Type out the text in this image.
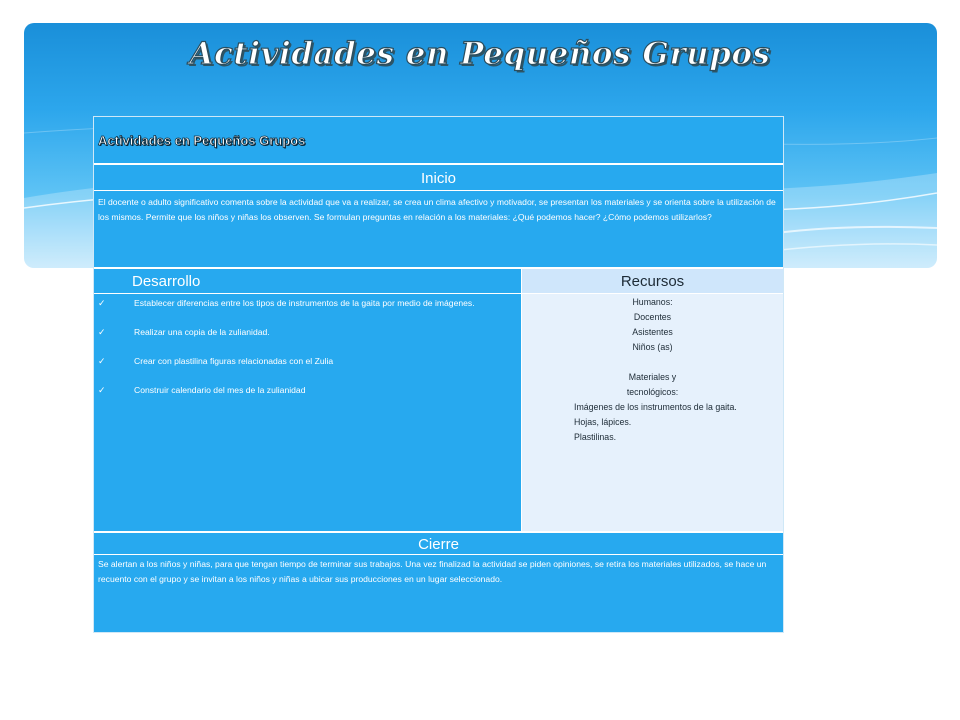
Actividades en Pequeños Grupos
Actividades en Pequeños Grupos
Inicio
El docente o adulto significativo comenta sobre la actividad que va a realizar, se crea un clima afectivo y motivador, se presentan los materiales y se orienta sobre la utilización de los mismos. Permite que los niños y niñas los observen. Se formulan preguntas en relación a los materiales: ¿Qué podemos hacer? ¿Cómo podemos utilizarlos?
Desarrollo	Recursos
✓	Establecer diferencias entre los tipos de instrumentos de la gaita por medio de imágenes.
✓	Realizar una copia de la zulianidad.
✓	Crear con plastilina figuras relacionadas con el Zulia
✓	Construir calendario del mes de la zulianidad
Humanos:
Docentes
Asistentes
Niños (as)
Materiales y
tecnológicos:
Imágenes de los instrumentos de la gaita.
Hojas, lápices.
Plastilinas.
Cierre
Se alertan a los niños y niñas, para que tengan tiempo de terminar sus trabajos. Una vez finalizad la actividad se piden opiniones, se retira los materiales utilizados, se hace un recuento con el grupo y se invitan a los niños y niñas a ubicar sus producciones en un lugar seleccionado.
